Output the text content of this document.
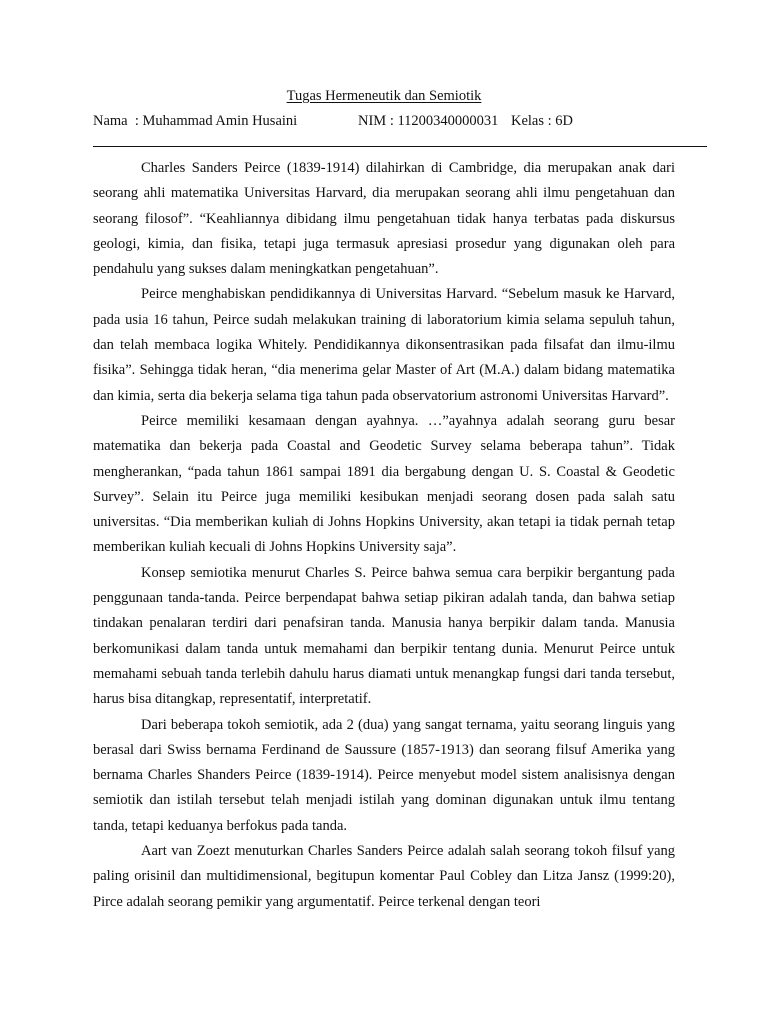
Tugas Hermeneutik dan Semiotik

Nama  : Muhammad Amin Husaini

	NIM : 11200340000031

Kelas : 6D

Charles Sanders Peirce (1839-1914) dilahirkan di Cambridge, dia merupakan anak dari seorang ahli matematika Universitas Harvard, dia merupakan seorang ahli ilmu pengetahuan dan seorang filosof”. “Keahliannya dibidang ilmu pengetahuan tidak hanya terbatas pada diskursus geologi, kimia, dan fisika, tetapi juga termasuk apresiasi prosedur yang digunakan oleh para pendahulu yang sukses dalam meningkatkan pengetahuan”.

Peirce menghabiskan pendidikannya di Universitas Harvard. “Sebelum masuk ke Harvard, pada usia 16 tahun, Peirce sudah melakukan training di laboratorium kimia selama sepuluh tahun, dan telah membaca logika Whitely. Pendidikannya dikonsentrasikan pada filsafat dan ilmu-ilmu fisika”. Sehingga tidak heran, “dia menerima gelar Master of Art (M.A.) dalam bidang matematika dan kimia, serta dia bekerja selama tiga tahun pada observatorium astronomi Universitas Harvard”.

Peirce memiliki kesamaan dengan ayahnya. …”ayahnya adalah seorang guru besar matematika dan bekerja pada Coastal and Geodetic Survey selama beberapa tahun”. Tidak mengherankan, “pada tahun 1861 sampai 1891 dia bergabung dengan U. S. Coastal & Geodetic Survey”. Selain itu Peirce juga memiliki kesibukan menjadi seorang dosen pada salah satu universitas. “Dia memberikan kuliah di Johns Hopkins University, akan tetapi ia tidak pernah tetap memberikan kuliah kecuali di Johns Hopkins University saja”.

Konsep semiotika menurut Charles S. Peirce bahwa semua cara berpikir bergantung pada penggunaan tanda-tanda. Peirce berpendapat bahwa setiap pikiran adalah tanda, dan bahwa setiap tindakan penalaran terdiri dari penafsiran tanda. Manusia hanya berpikir dalam tanda. Manusia berkomunikasi dalam tanda untuk memahami dan berpikir tentang dunia. Menurut Peirce untuk memahami sebuah tanda terlebih dahulu harus diamati untuk menangkap fungsi dari tanda tersebut, harus bisa ditangkap, representatif, interpretatif.

Dari beberapa tokoh semiotik, ada 2 (dua) yang sangat ternama, yaitu seorang linguis yang berasal dari Swiss bernama Ferdinand de Saussure (1857-1913) dan seorang filsuf Amerika yang bernama Charles Shanders Peirce (1839-1914). Peirce menyebut model sistem analisisnya dengan semiotik dan istilah tersebut telah menjadi istilah yang dominan digunakan untuk ilmu tentang tanda, tetapi keduanya berfokus pada tanda.

Aart van Zoezt menuturkan Charles Sanders Peirce adalah salah seorang tokoh filsuf yang paling orisinil dan multidimensional, begitupun komentar Paul Cobley dan Litza Jansz (1999:20), Pirce adalah seorang pemikir yang argumentatif. Peirce terkenal dengan teori
